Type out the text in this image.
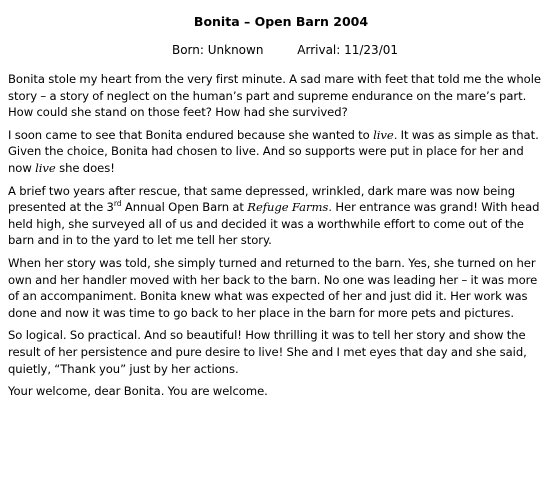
Bonita – Open Barn 2004
Born: Unknown	Arrival: 11/23/01

Bonita stole my heart from the very first minute. A sad mare with feet that told me the whole story – a story of neglect on the human’s part and supreme endurance on the mare’s part. How could she stand on those feet? How had she survived?

I soon came to see that Bonita endured because she wanted to live. It was as simple as that. Given the choice, Bonita had chosen to live. And so supports were put in place for her and now live she does!

A brief two years after rescue, that same depressed, wrinkled, dark mare was now being presented at the 3rd Annual Open Barn at Refuge Farms. Her entrance was grand! With head held high, she surveyed all of us and decided it was a worthwhile effort to come out of the barn and in to the yard to let me tell her story.

When her story was told, she simply turned and returned to the barn. Yes, she turned on her own and her handler moved with her back to the barn. No one was leading her – it was more of an accompaniment. Bonita knew what was expected of her and just did it. Her work was done and now it was time to go back to her place in the barn for more pets and pictures.

So logical. So practical. And so beautiful! How thrilling it was to tell her story and show the result of her persistence and pure desire to live! She and I met eyes that day and she said, quietly, “Thank you” just by her actions.

Your welcome, dear Bonita. You are welcome.
